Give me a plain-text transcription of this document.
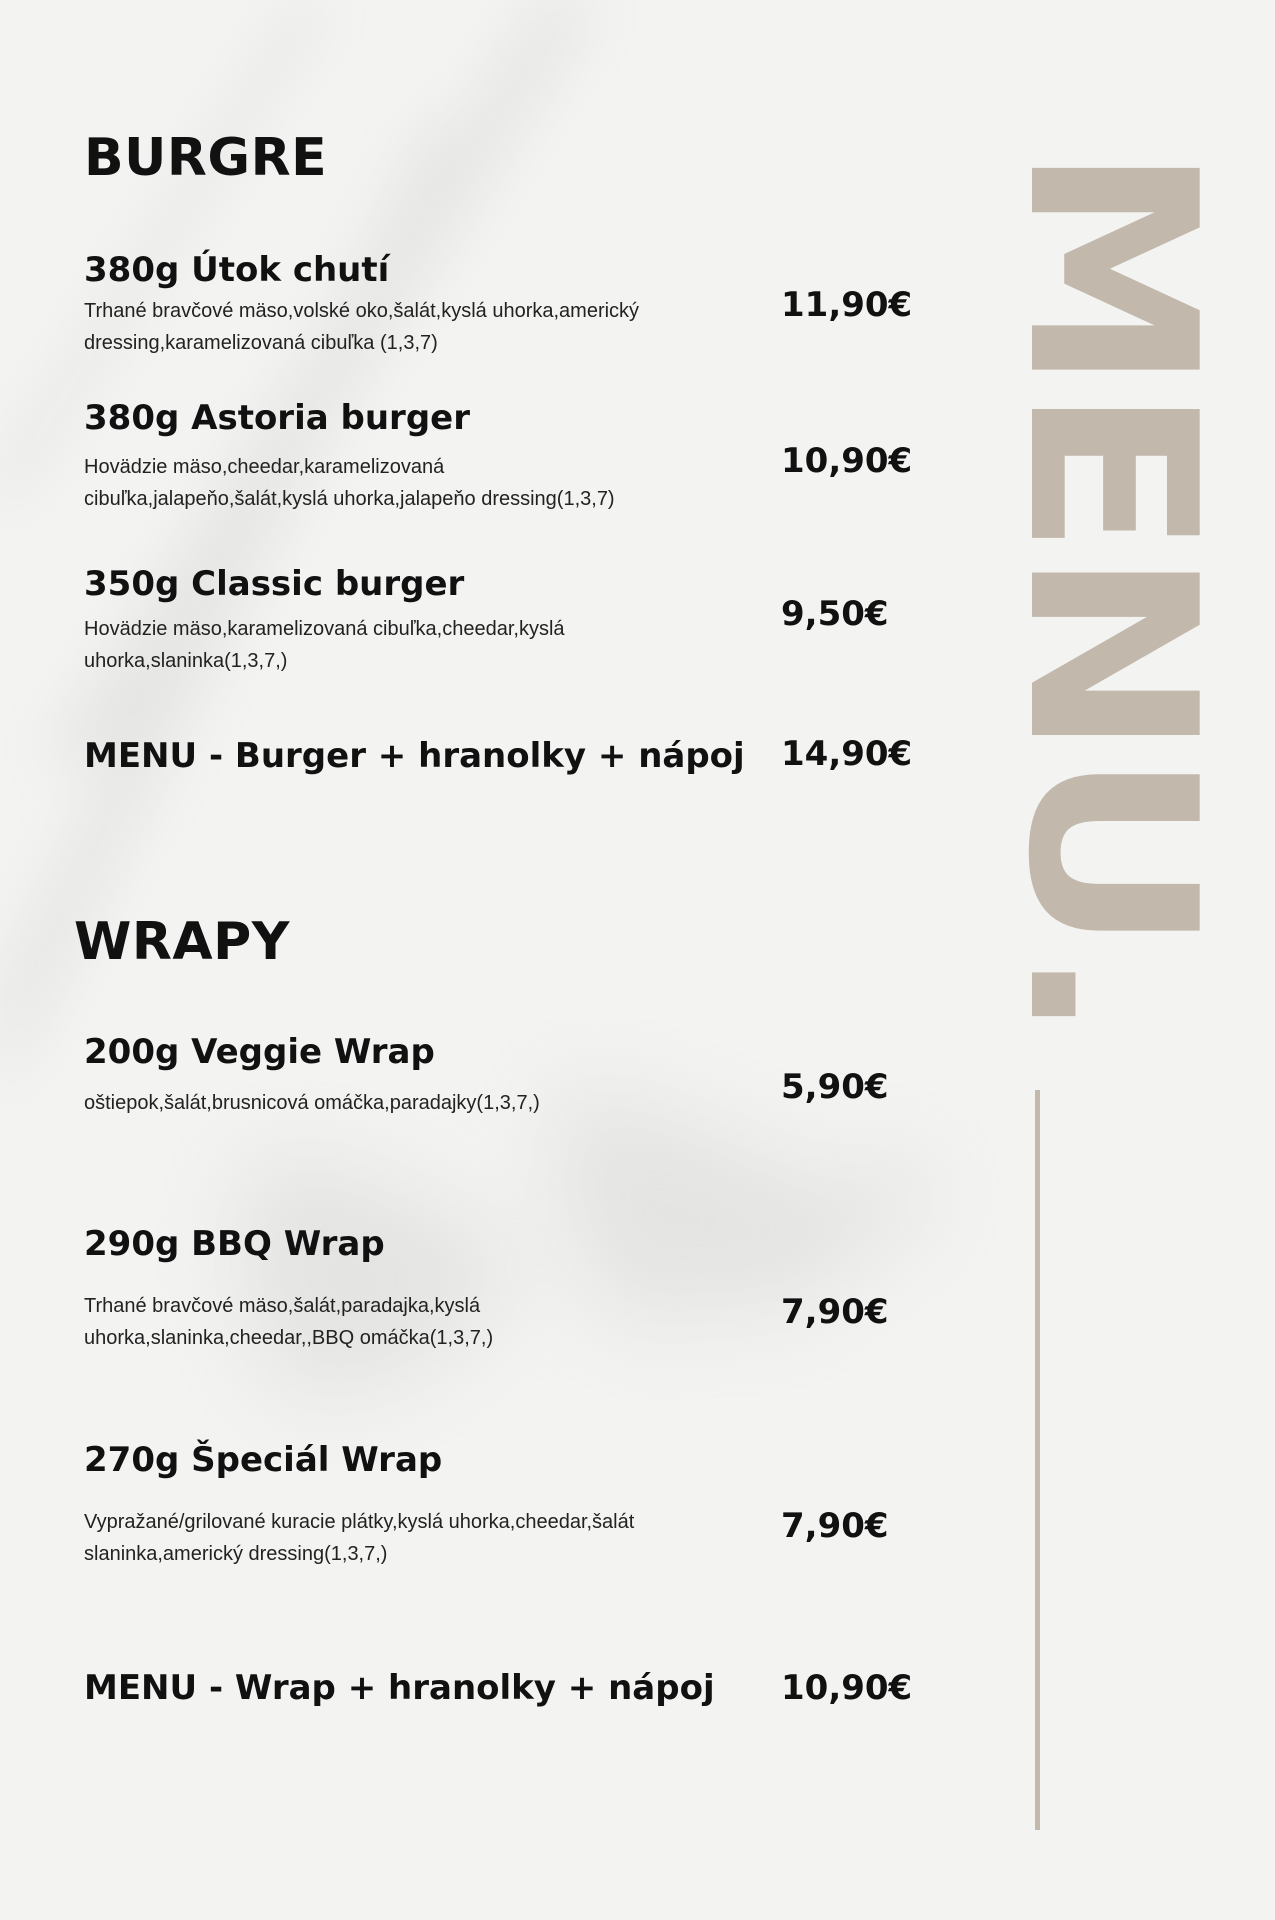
BURGRE
380g Útok chutí

Trhané bravčové mäso,volské oko,šalát,kyslá uhorka,americký dressing,karamelizovaná cibuľka (1,3,7)

11,90€

380g Astoria burger

Hovädzie mäso,cheedar,karamelizovaná cibuľka,jalapeňo,šalát,kyslá uhorka,jalapeňo dressing(1,3,7)

10,90€

350g Classic burger

Hovädzie mäso,karamelizovaná cibuľka,cheedar,kyslá uhorka,slaninka(1,3,7,)

9,50€

MENU - Burger + hranolky + nápoj 14,90€

WRAPY
200g Veggie Wrap

oštiepok,šalát,brusnicová omáčka,paradajky(1,3,7,)	5,90€

290g BBQ Wrap

Trhané bravčové mäso,šalát,paradajka,kyslá uhorka,slaninka,cheedar,,BBQ omáčka(1,3,7,)

7,90€

270g Špeciál Wrap

Vypražané/grilované kuracie plátky,kyslá uhorka,cheedar,šalát slaninka,americký dressing(1,3,7,)

7,90€

MENU - Wrap + hranolky + nápoj 10,90€

MENU.
